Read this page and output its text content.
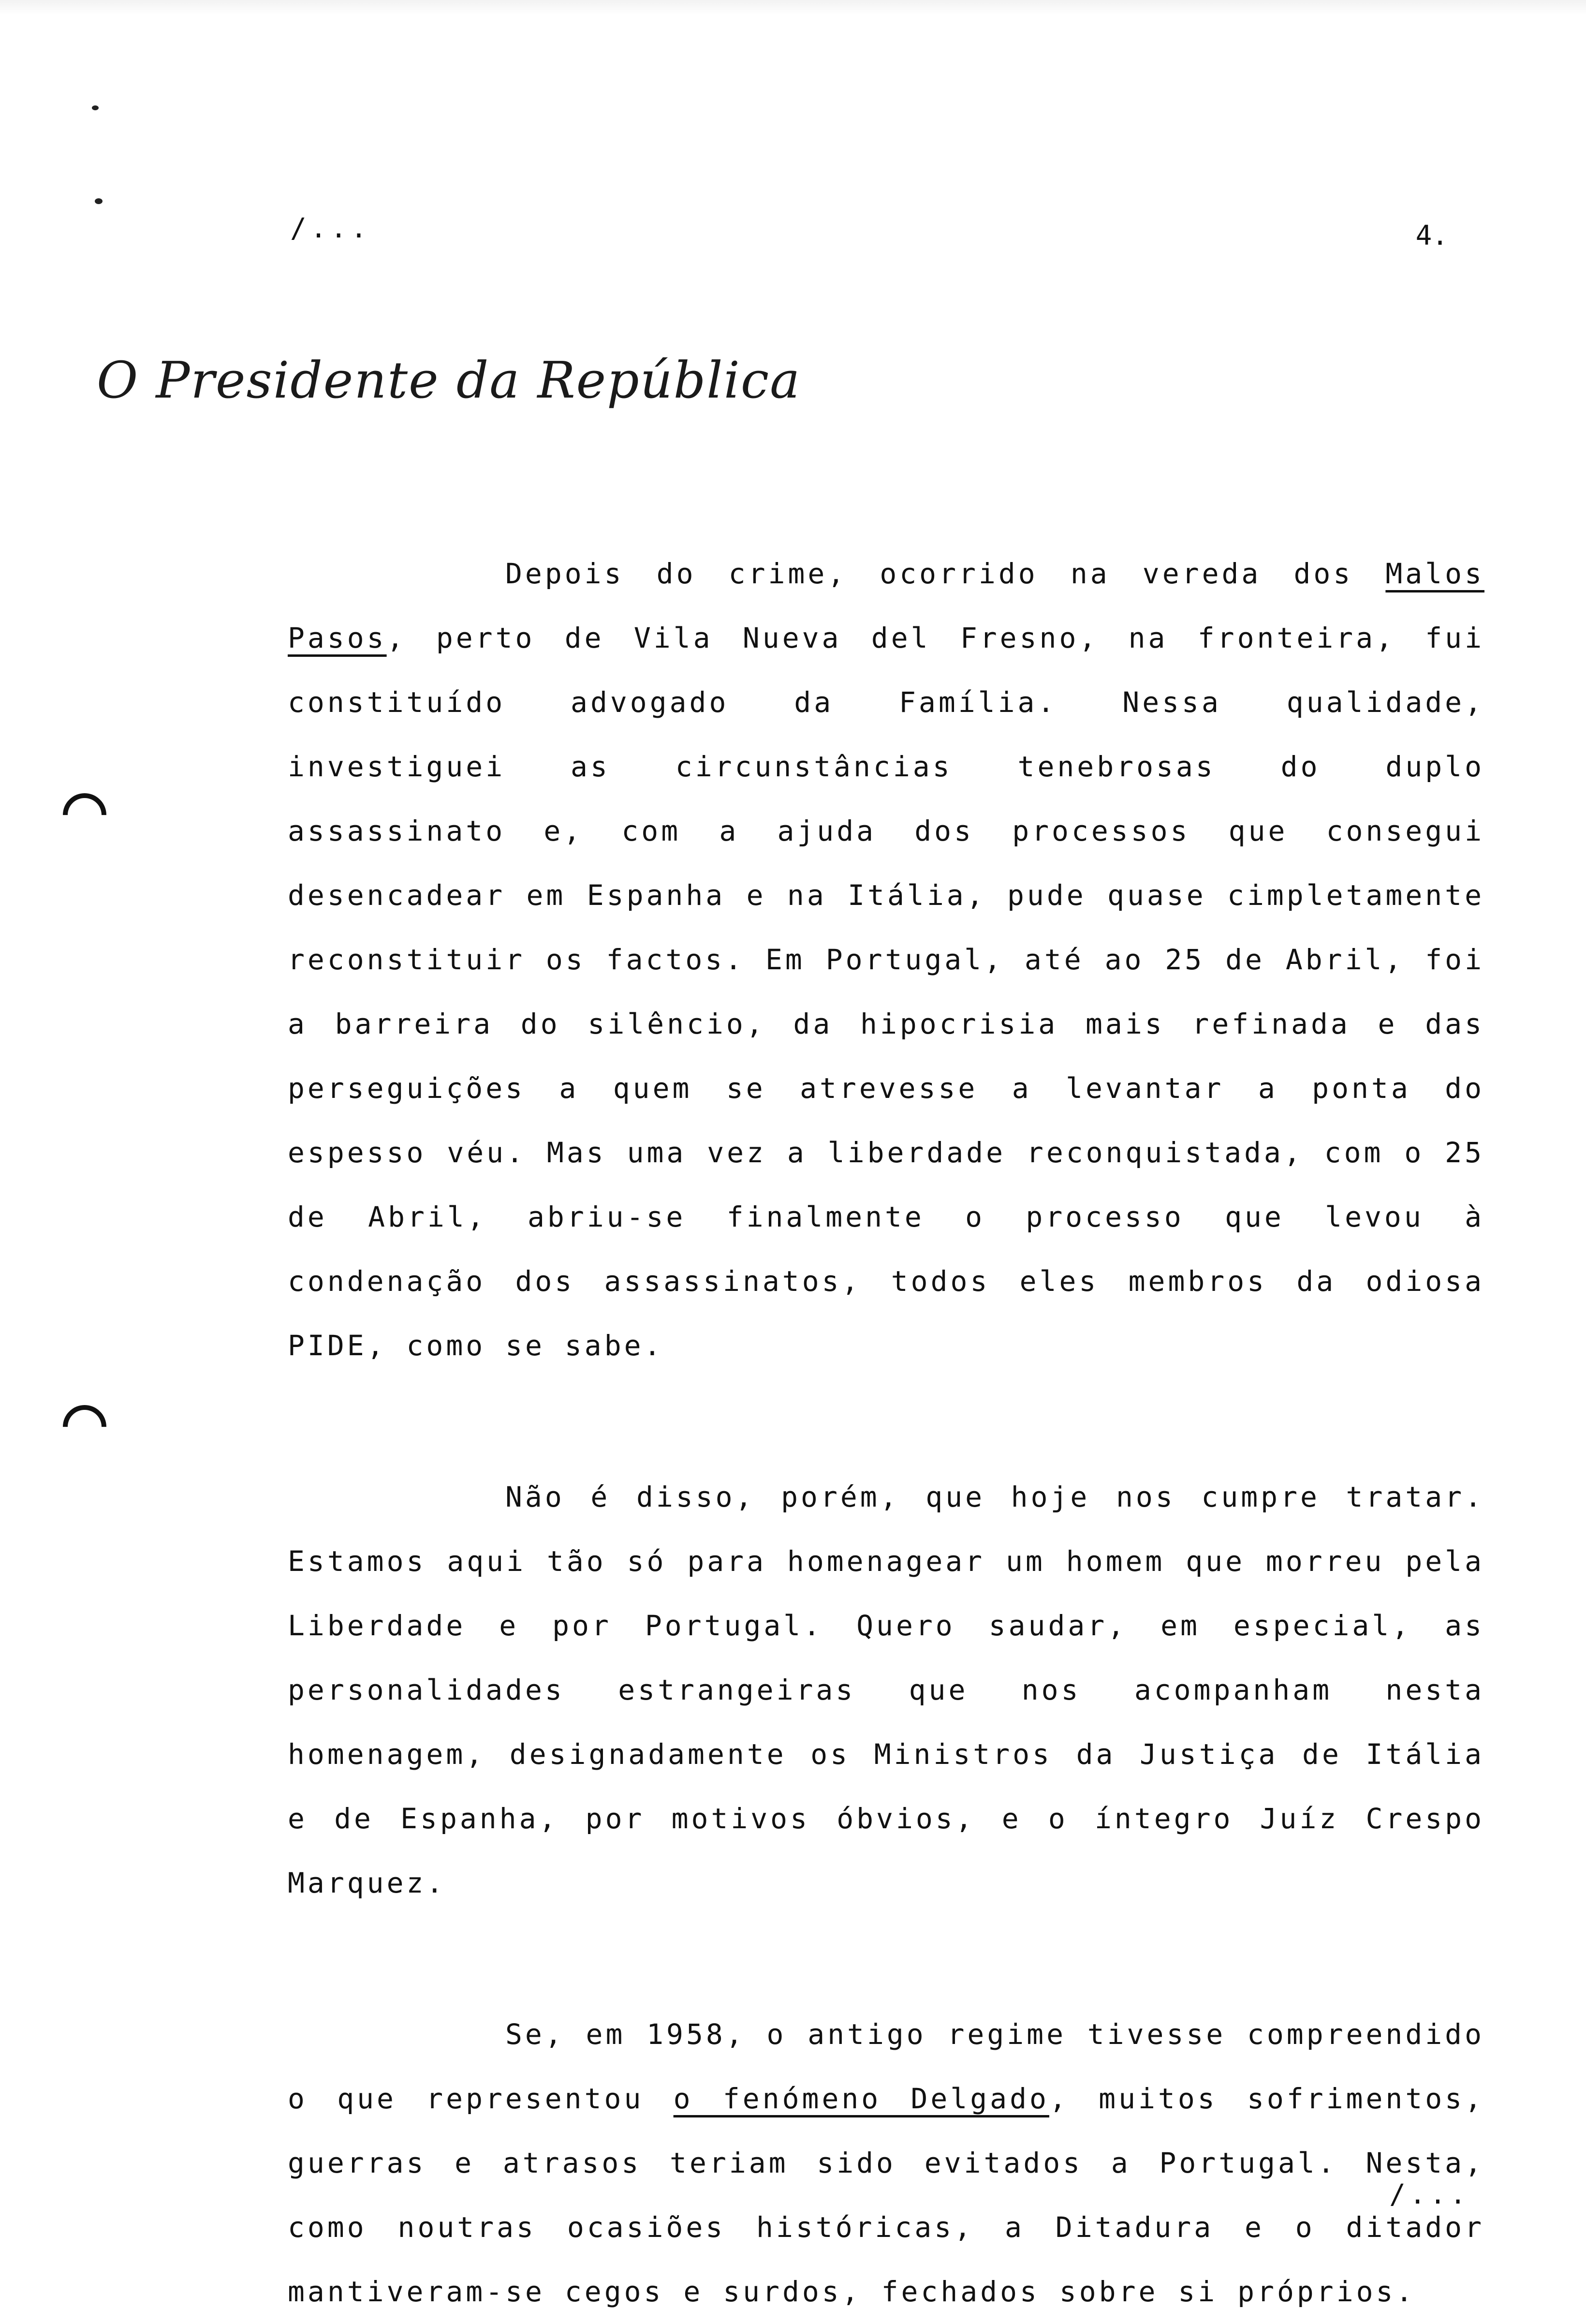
/...	4.
O Presidente da República

Depois do crime, ocorrido na vereda dos Malos Pasos, perto de Vila Nueva del Fresno, na fronteira, fui constituído advogado da Família. Nessa qualidade, investiguei as circunstâncias tenebrosas do duplo assassinato e, com a ajuda dos processos que consegui desencadear em Espanha e na Itália, pude quase cimpletamente reconstituir os factos. Em Portugal, até ao 25 de Abril, foi a barreira do silêncio, da hipocrisia mais refinada e das perseguições a quem se atrevesse a levantar a ponta do espesso véu. Mas uma vez a liberdade reconquistada, com o 25 de Abril, abriu-se finalmente o processo que levou à condenação dos assassinatos, todos eles membros da odiosa PIDE, como se sabe.

Não é disso, porém, que hoje nos cumpre tratar. Estamos aqui tão só para homenagear um homem que morreu pela Liberdade e por Portugal. Quero saudar, em especial, as personalidades estrangeiras que nos acompanham nesta homenagem, designadamente os Ministros da Justiça de Itália e de Espanha, por motivos óbvios, e o íntegro Juíz Crespo Marquez.

Se, em 1958, o antigo regime tivesse compreendido o que representou o fenómeno Delgado, muitos sofrimentos, guerras e atrasos teriam sido evitados a Portugal. Nesta, como noutras ocasiões históricas, a Ditadura e o ditador mantiveram-se cegos e surdos, fechados sobre si próprios.

/...
